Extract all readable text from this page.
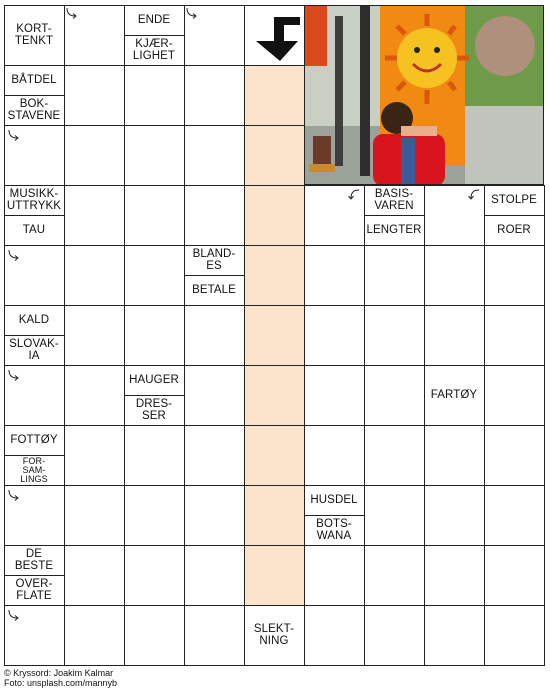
KORT-
TENKT
ENDE
KJÆR-
LIGHET
BÅTDEL
BOK-
STAVENE
MUSIKK-
UTTRYKK
TAU
BASIS-
VAREN
LENGTER
STOLPE
ROER
BLAND-
ES
BETALE
KALD
SLOVAK-
IA
HAUGER
DRES-
SER
FARTØY
FOTTØY
FOR-
SAM-
LINGS
HUSDEL
BOTS-
WANA
DE
BESTE
OVER-
FLATE
SLEKT-
NING
© Kryssord: Joakim Kalmar
Foto: unsplash.com/mannyb
